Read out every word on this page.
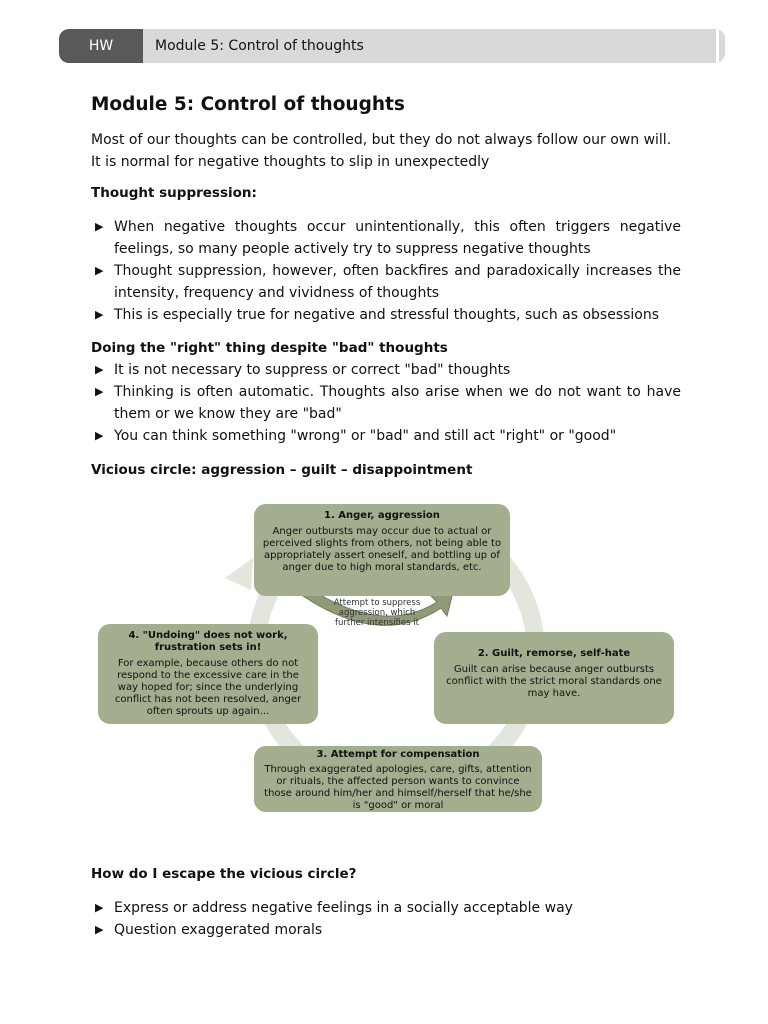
HW	Module 5: Control of thoughts
Module 5: Control of thoughts

Most of our thoughts can be controlled, but they do not always follow our own will. It is normal for negative thoughts to slip in unexpectedly

Thought suppression:
▶ When negative thoughts occur unintentionally, this often triggers negative feelings, so many people actively try to suppress negative thoughts
▶ Thought suppression, however, often backfires and paradoxically increases the intensity, frequency and vividness of thoughts
▶ This is especially true for negative and stressful thoughts, such as obsessions
Doing the "right" thing despite "bad" thoughts
▶ It is not necessary to suppress or correct "bad" thoughts
▶ Thinking is often automatic. Thoughts also arise when we do not want to have them or we know they are "bad"
▶ You can think something "wrong" or "bad" and still act "right" or "good"
Vicious circle: aggression – guilt – disappointment
1. Anger, aggression
Anger outbursts may occur due to actual or perceived slights from others, not being able to appropriately assert oneself, and bottling up of anger due to high moral standards, etc.
2. Guilt, remorse, self-hate
Guilt can arise because anger outbursts conflict with the strict moral standards one may have.
3. Attempt for compensation
Through exaggerated apologies, care, gifts, attention or rituals, the affected person wants to convince those around him/her and himself/herself that he/she is "good" or moral
4. "Undoing" does not work, frustration sets in!
For example, because others do not respond to the excessive care in the way hoped for; since the underlying conflict has not been resolved, anger often sprouts up again...
Attempt to suppress aggression, which further intensifies it
How do I escape the vicious circle?
▶ Express or address negative feelings in a socially acceptable way
▶ Question exaggerated morals
